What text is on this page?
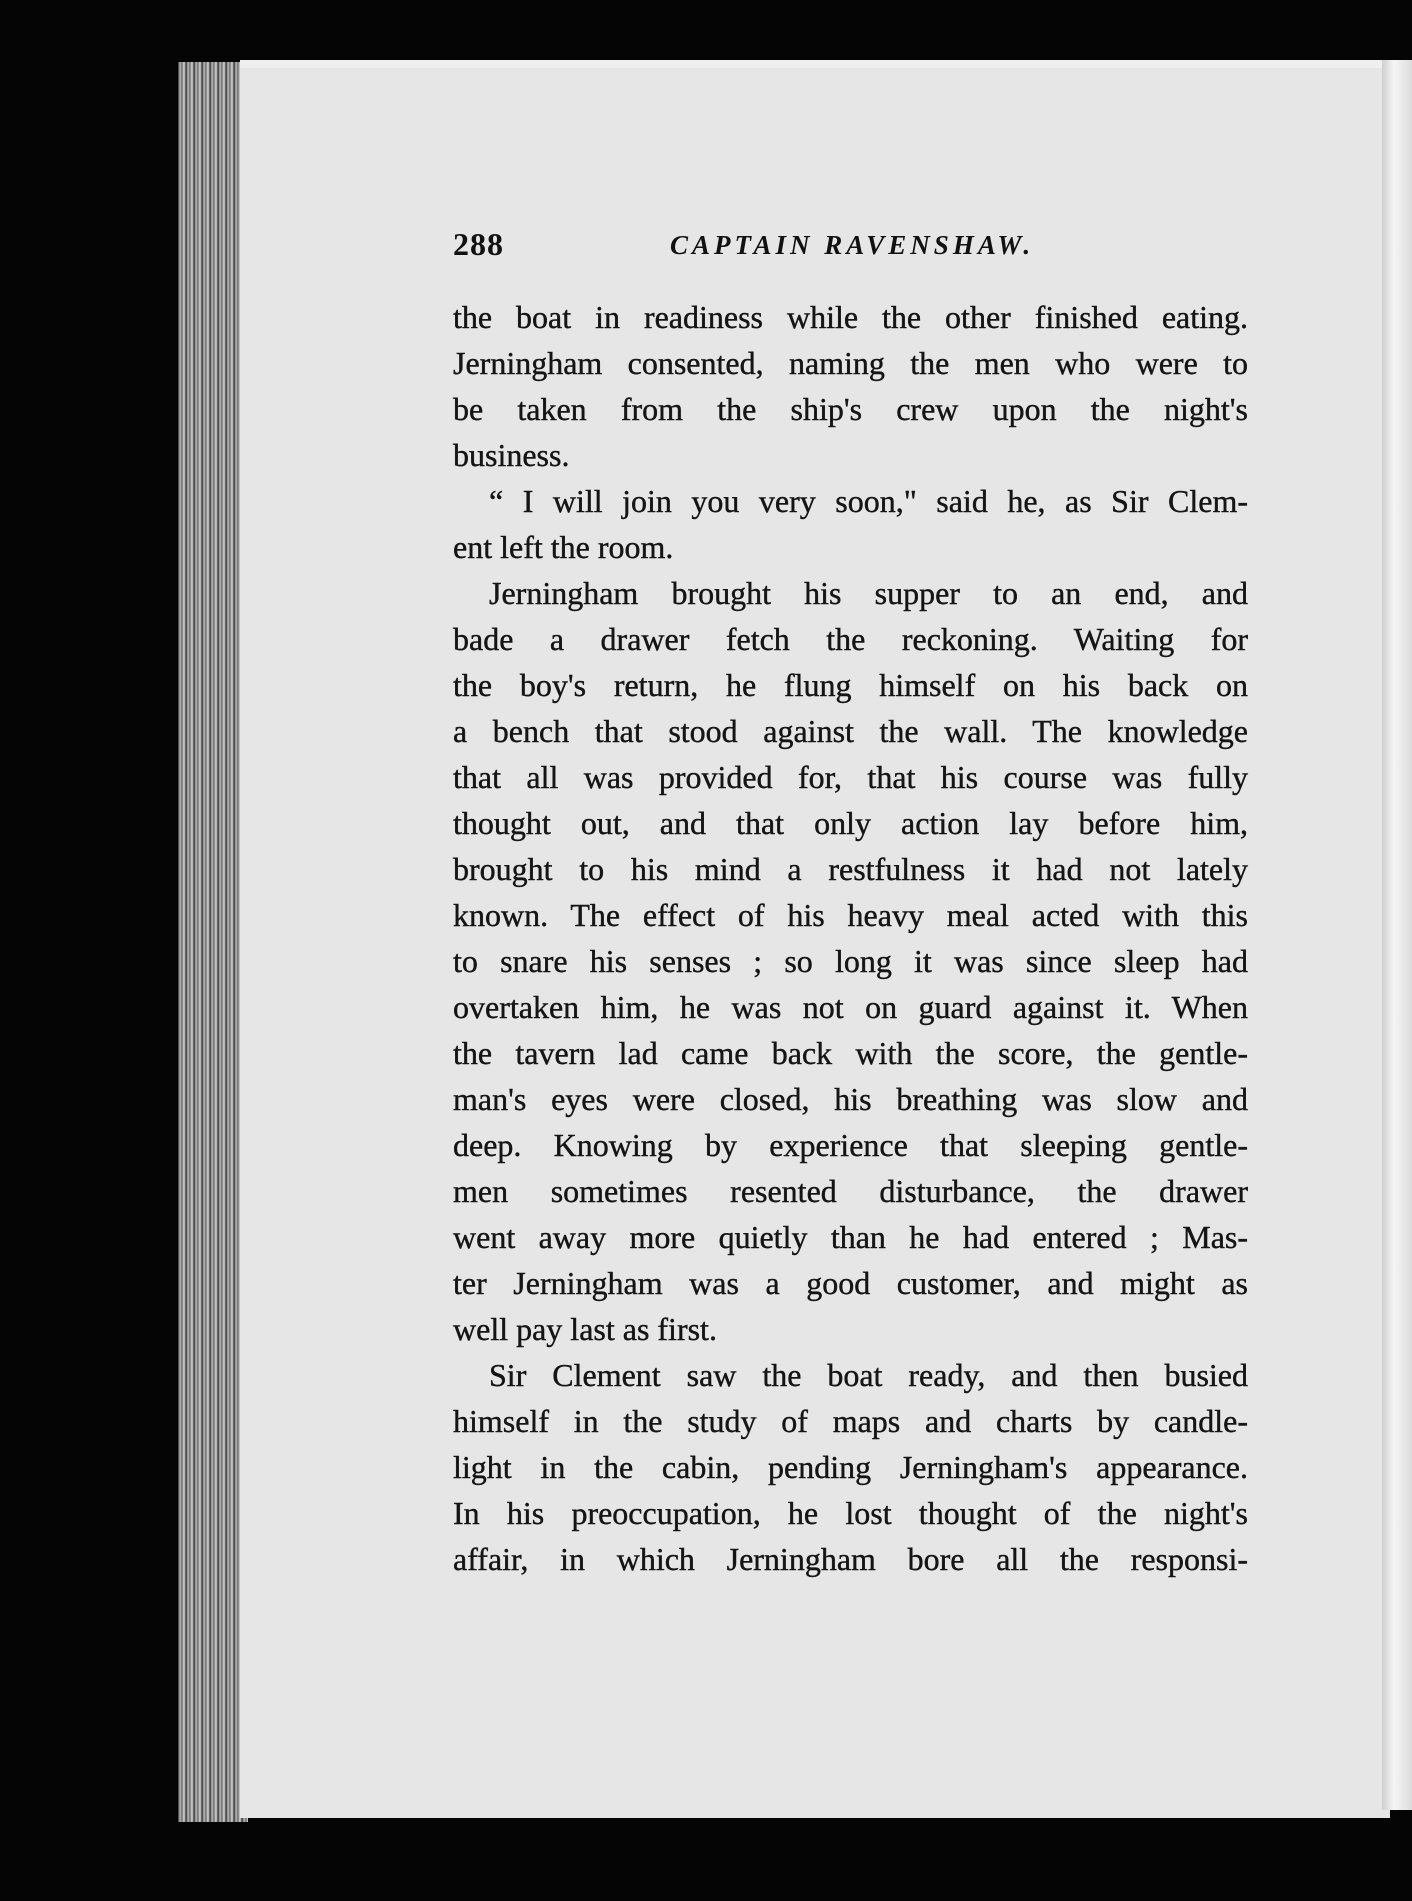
288	CAPTAIN RAVENSHAW.
the boat in readiness while the other finished eating.
Jerningham consented, naming the men who were to
be taken from the ship's crew upon the night's
business.
“ I will join you very soon," said he, as Sir Clem-
ent left the room.
Jerningham brought his supper to an end, and
bade a drawer fetch the reckoning. Waiting for
the boy's return, he flung himself on his back on
a bench that stood against the wall. The knowledge
that all was provided for, that his course was fully
thought out, and that only action lay before him,
brought to his mind a restfulness it had not lately
known. The effect of his heavy meal acted with this
to snare his senses ; so long it was since sleep had
overtaken him, he was not on guard against it. When
the tavern lad came back with the score, the gentle-
man's eyes were closed, his breathing was slow and
deep. Knowing by experience that sleeping gentle-
men sometimes resented disturbance, the drawer
went away more quietly than he had entered ; Mas-
ter Jerningham was a good customer, and might as
well pay last as first.
Sir Clement saw the boat ready, and then busied
himself in the study of maps and charts by candle-
light in the cabin, pending Jerningham's appearance.
In his preoccupation, he lost thought of the night's
affair, in which Jerningham bore all the responsi-
